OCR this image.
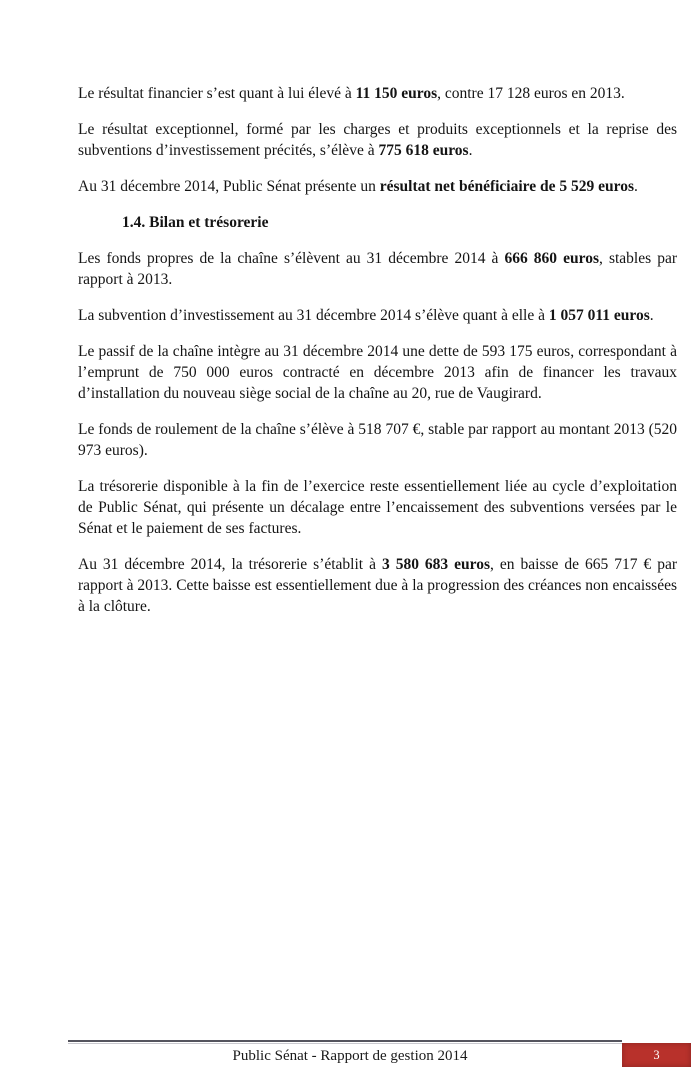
Le résultat financier s’est quant à lui élevé à 11 150 euros, contre 17 128 euros en 2013.

Le résultat exceptionnel, formé par les charges et produits exceptionnels et la reprise des subventions d’investissement précités, s’élève à 775 618 euros.

Au 31 décembre 2014, Public Sénat présente un résultat net bénéficiaire de 5 529 euros.

1.4. Bilan et trésorerie

Les fonds propres de la chaîne s’élèvent au 31 décembre 2014 à 666 860 euros, stables par rapport à 2013.

La subvention d’investissement au 31 décembre 2014 s’élève quant à elle à 1 057 011 euros.

Le passif de la chaîne intègre au 31 décembre 2014 une dette de 593 175 euros, correspondant à l’emprunt de 750 000 euros contracté en décembre 2013 afin de financer les travaux d’installation du nouveau siège social de la chaîne au 20, rue de Vaugirard.

Le fonds de roulement de la chaîne s’élève à 518 707 €, stable par rapport au montant 2013 (520 973 euros).

La trésorerie disponible à la fin de l’exercice reste essentiellement liée au cycle d’exploitation de Public Sénat, qui présente un décalage entre l’encaissement des subventions versées par le Sénat et le paiement de ses factures.

Au 31 décembre 2014, la trésorerie s’établit à 3 580 683 euros, en baisse de 665 717 € par rapport à 2013. Cette baisse est essentiellement due à la progression des créances non encaissées à la clôture.

Public Sénat - Rapport de gestion 2014	3
